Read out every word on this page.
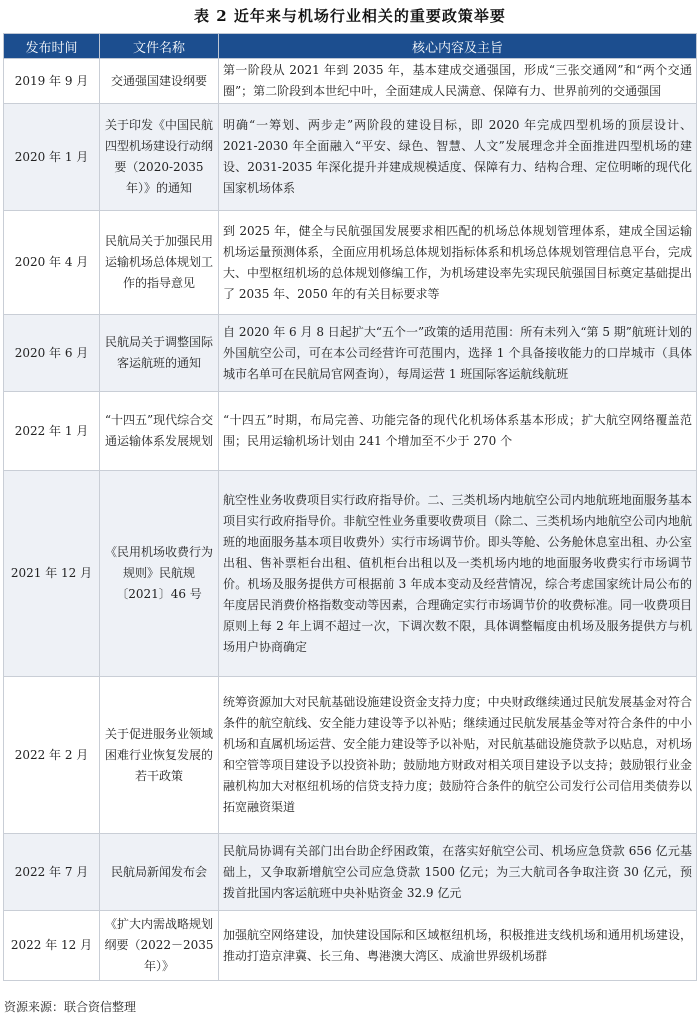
表 2 近年来与机场行业相关的重要政策举要
发布时间	文件名称	核心内容及主旨
2019 年 9 月	交通强国建设纲要	第一阶段从 2021 年到 2035 年，基本建成交通强国，形成“三张交通网”和“两个交通圈”；第二阶段到本世纪中叶，全面建成人民满意、保障有力、世界前列的交通强国
2020 年 1 月	关于印发《中国民航四型机场建设行动纲要（2020-2035 年）》的通知	明确“一筹划、两步走”两阶段的建设目标，即 2020 年完成四型机场的顶层设计、2021-2030 年全面融入“平安、绿色、智慧、人文”发展理念并全面推进四型机场的建设、2031-2035 年深化提升并建成规模适度、保障有力、结构合理、定位明晰的现代化国家机场体系
2020 年 4 月	民航局关于加强民用运输机场总体规划工作的指导意见	到 2025 年，健全与民航强国发展要求相匹配的机场总体规划管理体系，建成全国运输机场运量预测体系，全面应用机场总体规划指标体系和机场总体规划管理信息平台，完成大、中型枢纽机场的总体规划修编工作，为机场建设率先实现民航强国目标奠定基础提出了 2035 年、2050 年的有关目标要求等
2020 年 6 月	民航局关于调整国际客运航班的通知	自 2020 年 6 月 8 日起扩大“五个一”政策的适用范围：所有未列入“第 5 期”航班计划的外国航空公司，可在本公司经营许可范围内，选择 1 个具备接收能力的口岸城市（具体城市名单可在民航局官网查询），每周运营 1 班国际客运航线航班
2022 年 1 月	“十四五”现代综合交通运输体系发展规划	“十四五”时期，布局完善、功能完备的现代化机场体系基本形成；扩大航空网络覆盖范围；民用运输机场计划由 241 个增加至不少于 270 个
2021 年 12 月	《民用机场收费行为规则》民航规〔2021〕46 号	航空性业务收费项目实行政府指导价。二、三类机场内地航空公司内地航班地面服务基本项目实行政府指导价。非航空性业务重要收费项目（除二、三类机场内地航空公司内地航班的地面服务基本项目收费外）实行市场调节价。即头等舱、公务舱休息室出租、办公室出租、售补票柜台出租、值机柜台出租以及一类机场内地的地面服务收费实行市场调节价。机场及服务提供方可根据前 3 年成本变动及经营情况，综合考虑国家统计局公布的年度居民消费价格指数变动等因素，合理确定实行市场调节价的收费标准。同一收费项目原则上每 2 年上调不超过一次，下调次数不限，具体调整幅度由机场及服务提供方与机场用户协商确定
2022 年 2 月	关于促进服务业领域困难行业恢复发展的若干政策	统筹资源加大对民航基础设施建设资金支持力度；中央财政继续通过民航发展基金对符合条件的航空航线、安全能力建设等予以补贴；继续通过民航发展基金等对符合条件的中小机场和直属机场运营、安全能力建设等予以补贴，对民航基础设施贷款予以贴息，对机场和空管等项目建设予以投资补助；鼓励地方财政对相关项目建设予以支持；鼓励银行业金融机构加大对枢纽机场的信贷支持力度；鼓励符合条件的航空公司发行公司信用类债券以拓宽融资渠道
2022 年 7 月	民航局新闻发布会	民航局协调有关部门出台助企纾困政策，在落实好航空公司、机场应急贷款 656 亿元基础上，又争取新增航空公司应急贷款 1500 亿元；为三大航司各争取注资 30 亿元，预拨首批国内客运航班中央补贴资金 32.9 亿元
2022 年 12 月	《扩大内需战略规划纲要（2022－2035 年）》	加强航空网络建设，加快建设国际和区域枢纽机场，积极推进支线机场和通用机场建设，推动打造京津冀、长三角、粤港澳大湾区、成渝世界级机场群
资源来源：联合资信整理
